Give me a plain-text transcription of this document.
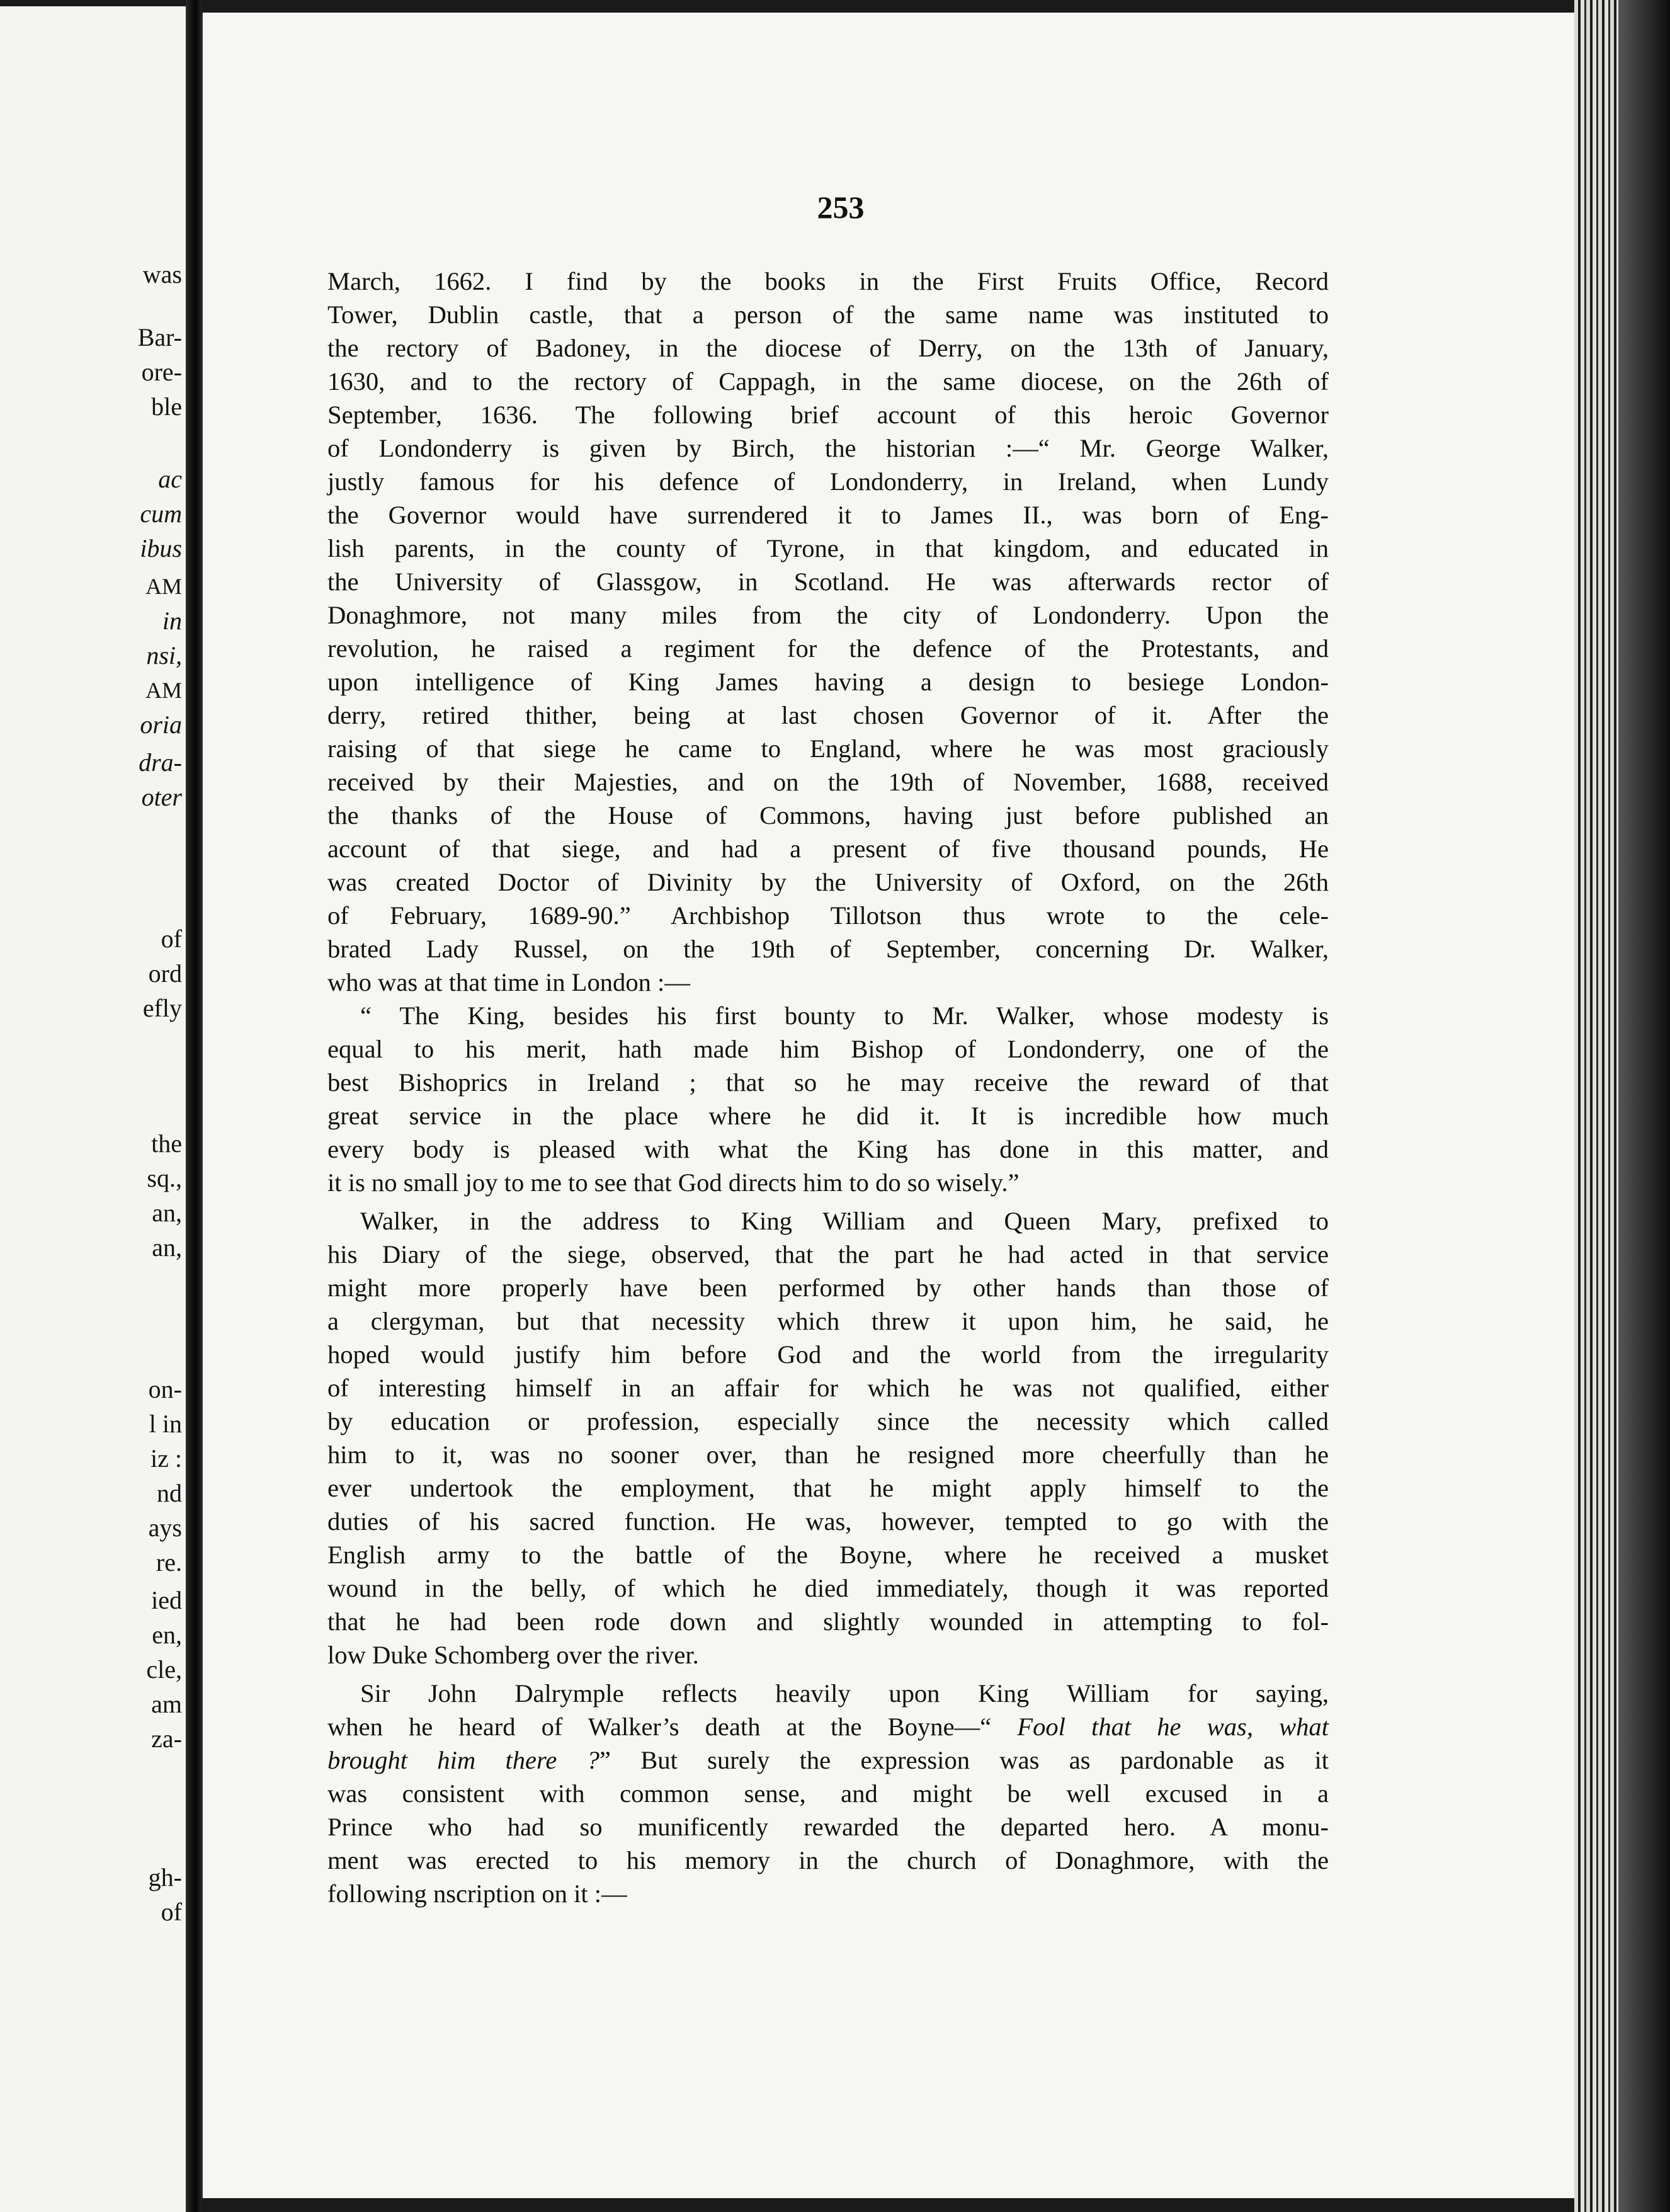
was
Bar-
ore-
ble
ac
cum
ibus
AM
in
nsi,
AM
oria
dra-
oter
of
ord
efly
the
sq.,
an,
an,
on-
l in
iz :
nd
ays
re.
ied
en,
cle,
am
za-
gh-
of
253
March, 1662. I find by the books in the First Fruits Office, Record
Tower, Dublin castle, that a person of the same name was instituted to
the rectory of Badoney, in the diocese of Derry, on the 13th of January,
1630, and to the rectory of Cappagh, in the same diocese, on the 26th of
September, 1636. The following brief account of this heroic Governor
of Londonderry is given by Birch, the historian :—“ Mr. George Walker,
justly famous for his defence of Londonderry, in Ireland, when Lundy
the Governor would have surrendered it to James II., was born of Eng-
lish parents, in the county of Tyrone, in that kingdom, and educated in
the University of Glassgow, in Scotland. He was afterwards rector of
Donaghmore, not many miles from the city of Londonderry. Upon the
revolution, he raised a regiment for the defence of the Protestants, and
upon intelligence of King James having a design to besiege London-
derry, retired thither, being at last chosen Governor of it. After the
raising of that siege he came to England, where he was most graciously
received by their Majesties, and on the 19th of November, 1688, received
the thanks of the House of Commons, having just before published an
account of that siege, and had a present of five thousand pounds, He
was created Doctor of Divinity by the University of Oxford, on the 26th
of February, 1689-90.” Archbishop Tillotson thus wrote to the cele-
brated Lady Russel, on the 19th of September, concerning Dr. Walker,
who was at that time in London :—
“ The King, besides his first bounty to Mr. Walker, whose modesty is
equal to his merit, hath made him Bishop of Londonderry, one of the
best Bishoprics in Ireland ; that so he may receive the reward of that
great service in the place where he did it. It is incredible how much
every body is pleased with what the King has done in this matter, and
it is no small joy to me to see that God directs him to do so wisely.”
Walker, in the address to King William and Queen Mary, prefixed to
his Diary of the siege, observed, that the part he had acted in that service
might more properly have been performed by other hands than those of
a clergyman, but that necessity which threw it upon him, he said, he
hoped would justify him before God and the world from the irregularity
of interesting himself in an affair for which he was not qualified, either
by education or profession, especially since the necessity which called
him to it, was no sooner over, than he resigned more cheerfully than he
ever undertook the employment, that he might apply himself to the
duties of his sacred function. He was, however, tempted to go with the
English army to the battle of the Boyne, where he received a musket
wound in the belly, of which he died immediately, though it was reported
that he had been rode down and slightly wounded in attempting to fol-
low Duke Schomberg over the river.
Sir John Dalrymple reflects heavily upon King William for saying,
when he heard of Walker’s death at the Boyne—“ Fool that he was, what
brought him there ?” But surely the expression was as pardonable as it
was consistent with common sense, and might be well excused in a
Prince who had so munificently rewarded the departed hero. A monu-
ment was erected to his memory in the church of Donaghmore, with the
following nscription on it :—
